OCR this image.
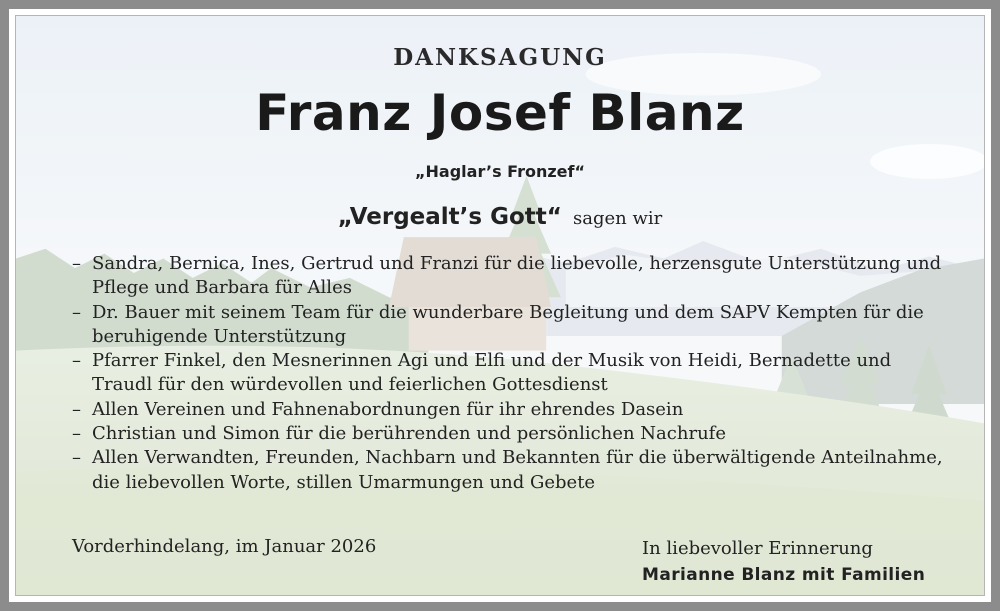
DANKSAGUNG
Franz Josef Blanz
„Haglar’s Fronzef“
„Vergealt’s Gott“ sagen wir
– Sandra, Bernica, Ines, Gertrud und Franzi für die liebevolle, herzensgute Unterstützung und Pflege und Barbara für Alles
– Dr. Bauer mit seinem Team für die wunderbare Begleitung und dem SAPV Kempten für die beruhigende Unterstützung
– Pfarrer Finkel, den Mesnerinnen Agi und Elfi und der Musik von Heidi, Bernadette und Traudl für den würdevollen und feierlichen Gottesdienst
– Allen Vereinen und Fahnenabordnungen für ihr ehrendes Dasein
– Christian und Simon für die berührenden und persönlichen Nachrufe
– Allen Verwandten, Freunden, Nachbarn und Bekannten für die überwältigende Anteilnahme, die liebevollen Worte, stillen Umarmungen und Gebete
Vorderhindelang, im Januar 2026	In liebevoller Erinnerung
Marianne Blanz mit Familien
